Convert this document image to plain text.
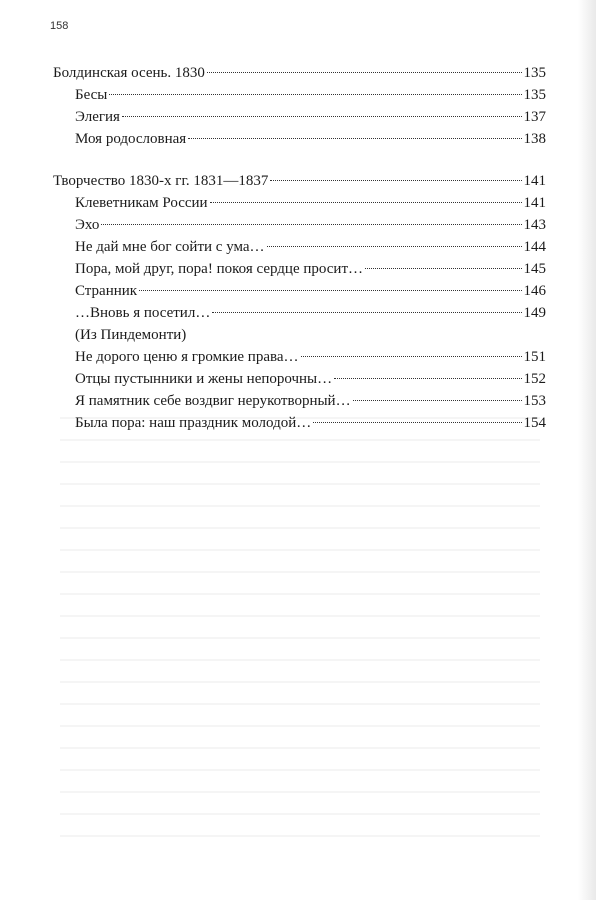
158
Болдинская осень. 1830	135
Бесы	135
Элегия	137
Моя родословная	138
Творчество 1830-х гг. 1831—1837	141
Клеветникам России	141
Эхо	143
Не дай мне бог сойти с ума…	144
Пора, мой друг, пора! покоя сердце просит…	145
Странник	146
…Вновь я посетил…	149
(Из Пиндемонти)
Не дорого ценю я громкие права…	151
Отцы пустынники и жены непорочны…	152
Я памятник себе воздвиг нерукотворный…	153
Была пора: наш праздник молодой…	154
